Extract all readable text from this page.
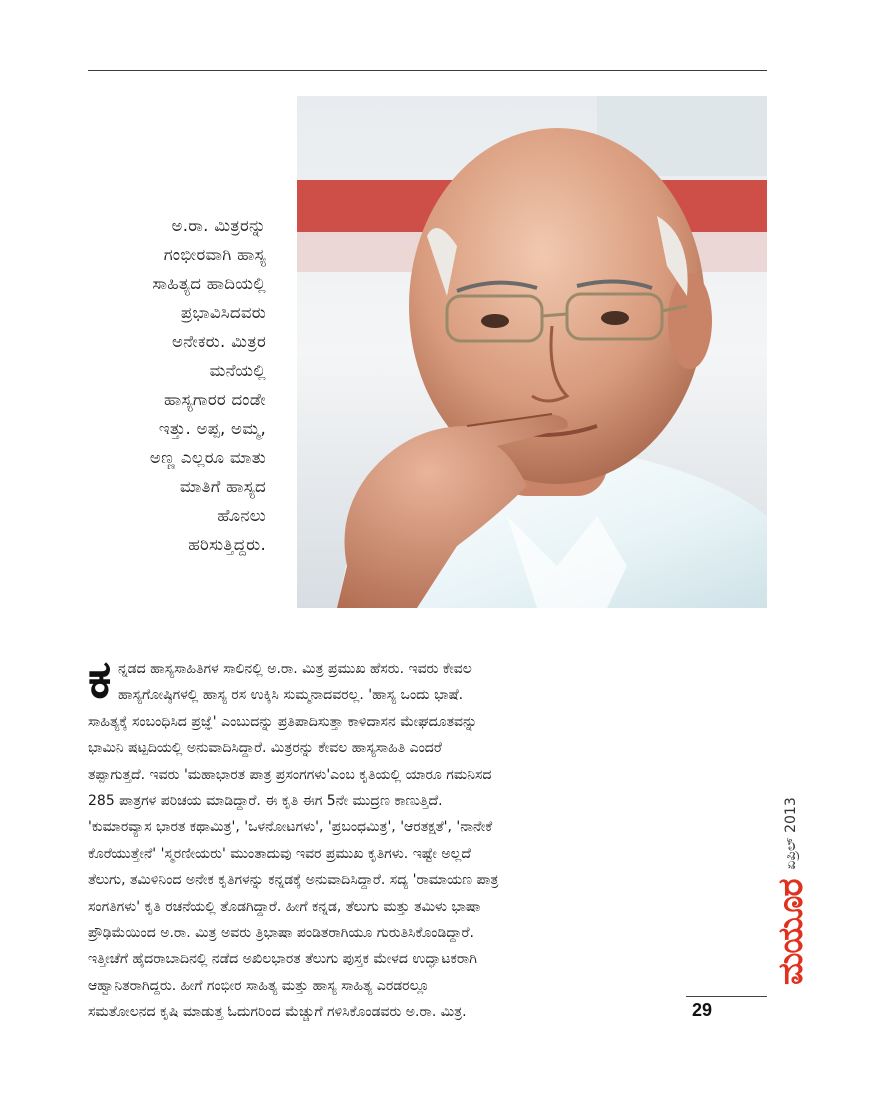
ಅ.ರಾ. ಮಿತ್ರರನ್ನು
ಗಂಭೀರವಾಗಿ ಹಾಸ್ಯ
ಸಾಹಿತ್ಯದ ಹಾದಿಯಲ್ಲಿ
ಪ್ರಭಾವಿಸಿದವರು
ಅನೇಕರು. ಮಿತ್ರರ
ಮನೆಯಲ್ಲಿ
ಹಾಸ್ಯಗಾರರ ದಂಡೇ
ಇತ್ತು. ಅಪ್ಪ, ಅಮ್ಮ,
ಅಣ್ಣ ಎಲ್ಲರೂ ಮಾತು
ಮಾತಿಗೆ ಹಾಸ್ಯದ
ಹೊನಲು
ಹರಿಸುತ್ತಿದ್ದರು.
ಕ ನ್ನಡದ ಹಾಸ್ಯಸಾಹಿತಿಗಳ ಸಾಲಿನಲ್ಲಿ ಅ.ರಾ. ಮಿತ್ರ ಪ್ರಮುಖ ಹೆಸರು. ಇವರು ಕೇವಲ
ಹಾಸ್ಯಗೋಷ್ಠಿಗಳಲ್ಲಿ ಹಾಸ್ಯ ರಸ ಉಕ್ಕಿಸಿ ಸುಮ್ಮನಾದವರಲ್ಲ. 'ಹಾಸ್ಯ ಒಂದು ಭಾಷೆ.
ಸಾಹಿತ್ಯಕ್ಕೆ ಸಂಬಂಧಿಸಿದ ಪ್ರಜ್ಞೆ' ಎಂಬುದನ್ನು ಪ್ರತಿಪಾದಿಸುತ್ತಾ ಕಾಳಿದಾಸನ ಮೇಘದೂತವನ್ನು
ಭಾಮಿನಿ ಷಟ್ಪದಿಯಲ್ಲಿ ಅನುವಾದಿಸಿದ್ದಾರೆ. ಮಿತ್ರರನ್ನು ಕೇವಲ ಹಾಸ್ಯಸಾಹಿತಿ ಎಂದರೆ
ತಪ್ಪಾಗುತ್ತದೆ. ಇವರು 'ಮಹಾಭಾರತ ಪಾತ್ರ ಪ್ರಸಂಗಗಳು'ಎಂಬ ಕೃತಿಯಲ್ಲಿ ಯಾರೂ ಗಮನಿಸದ
285 ಪಾತ್ರಗಳ ಪರಿಚಯ ಮಾಡಿದ್ದಾರೆ. ಈ ಕೃತಿ ಈಗ 5ನೇ ಮುದ್ರಣ ಕಾಣುತ್ತಿದೆ.
'ಕುಮಾರವ್ಯಾಸ ಭಾರತ ಕಥಾಮಿತ್ರ', 'ಒಳನೋಟಗಳು', 'ಪ್ರಬಂಧಮಿತ್ರ', 'ಆರತಕ್ಷತೆ', 'ನಾನೇಕೆ
ಕೊರೆಯುತ್ತೇನೆ' 'ಸ್ಮರಣೀಯರು' ಮುಂತಾದುವು ಇವರ ಪ್ರಮುಖ ಕೃತಿಗಳು. ಇಷ್ಟೇ ಅಲ್ಲದೆ
ತೆಲುಗು, ತಮಿಳಿನಿಂದ ಅನೇಕ ಕೃತಿಗಳನ್ನು ಕನ್ನಡಕ್ಕೆ ಅನುವಾದಿಸಿದ್ದಾರೆ. ಸದ್ಯ 'ರಾಮಾಯಣ ಪಾತ್ರ
ಸಂಗತಿಗಳು' ಕೃತಿ ರಚನೆಯಲ್ಲಿ ತೊಡಗಿದ್ದಾರೆ. ಹೀಗೆ ಕನ್ನಡ, ತೆಲುಗು ಮತ್ತು ತಮಿಳು ಭಾಷಾ
ಪ್ರೌಢಿಮೆಯಿಂದ ಅ.ರಾ. ಮಿತ್ರ ಅವರು ತ್ರಿಭಾಷಾ ಪಂಡಿತರಾಗಿಯೂ ಗುರುತಿಸಿಕೊಂಡಿದ್ದಾರೆ.
ಇತ್ತೀಚೆಗೆ ಹೈದರಾಬಾದಿನಲ್ಲಿ ನಡೆದ ಅಖಿಲಭಾರತ ತೆಲುಗು ಪುಸ್ತಕ ಮೇಳದ ಉದ್ಘಾಟಕರಾಗಿ
ಆಹ್ವಾನಿತರಾಗಿದ್ದರು. ಹೀಗೆ ಗಂಭೀರ ಸಾಹಿತ್ಯ ಮತ್ತು ಹಾಸ್ಯ ಸಾಹಿತ್ಯ ಎರಡರಲ್ಲೂ
ಸಮತೋಲನದ ಕೃಷಿ ಮಾಡುತ್ತ ಓದುಗರಿಂದ ಮೆಚ್ಚುಗೆ ಗಳಿಸಿಕೊಂಡವರು ಅ.ರಾ. ಮಿತ್ರ.
ಮಯೂರ
ಏಪ್ರಿಲ್ 2013
29
